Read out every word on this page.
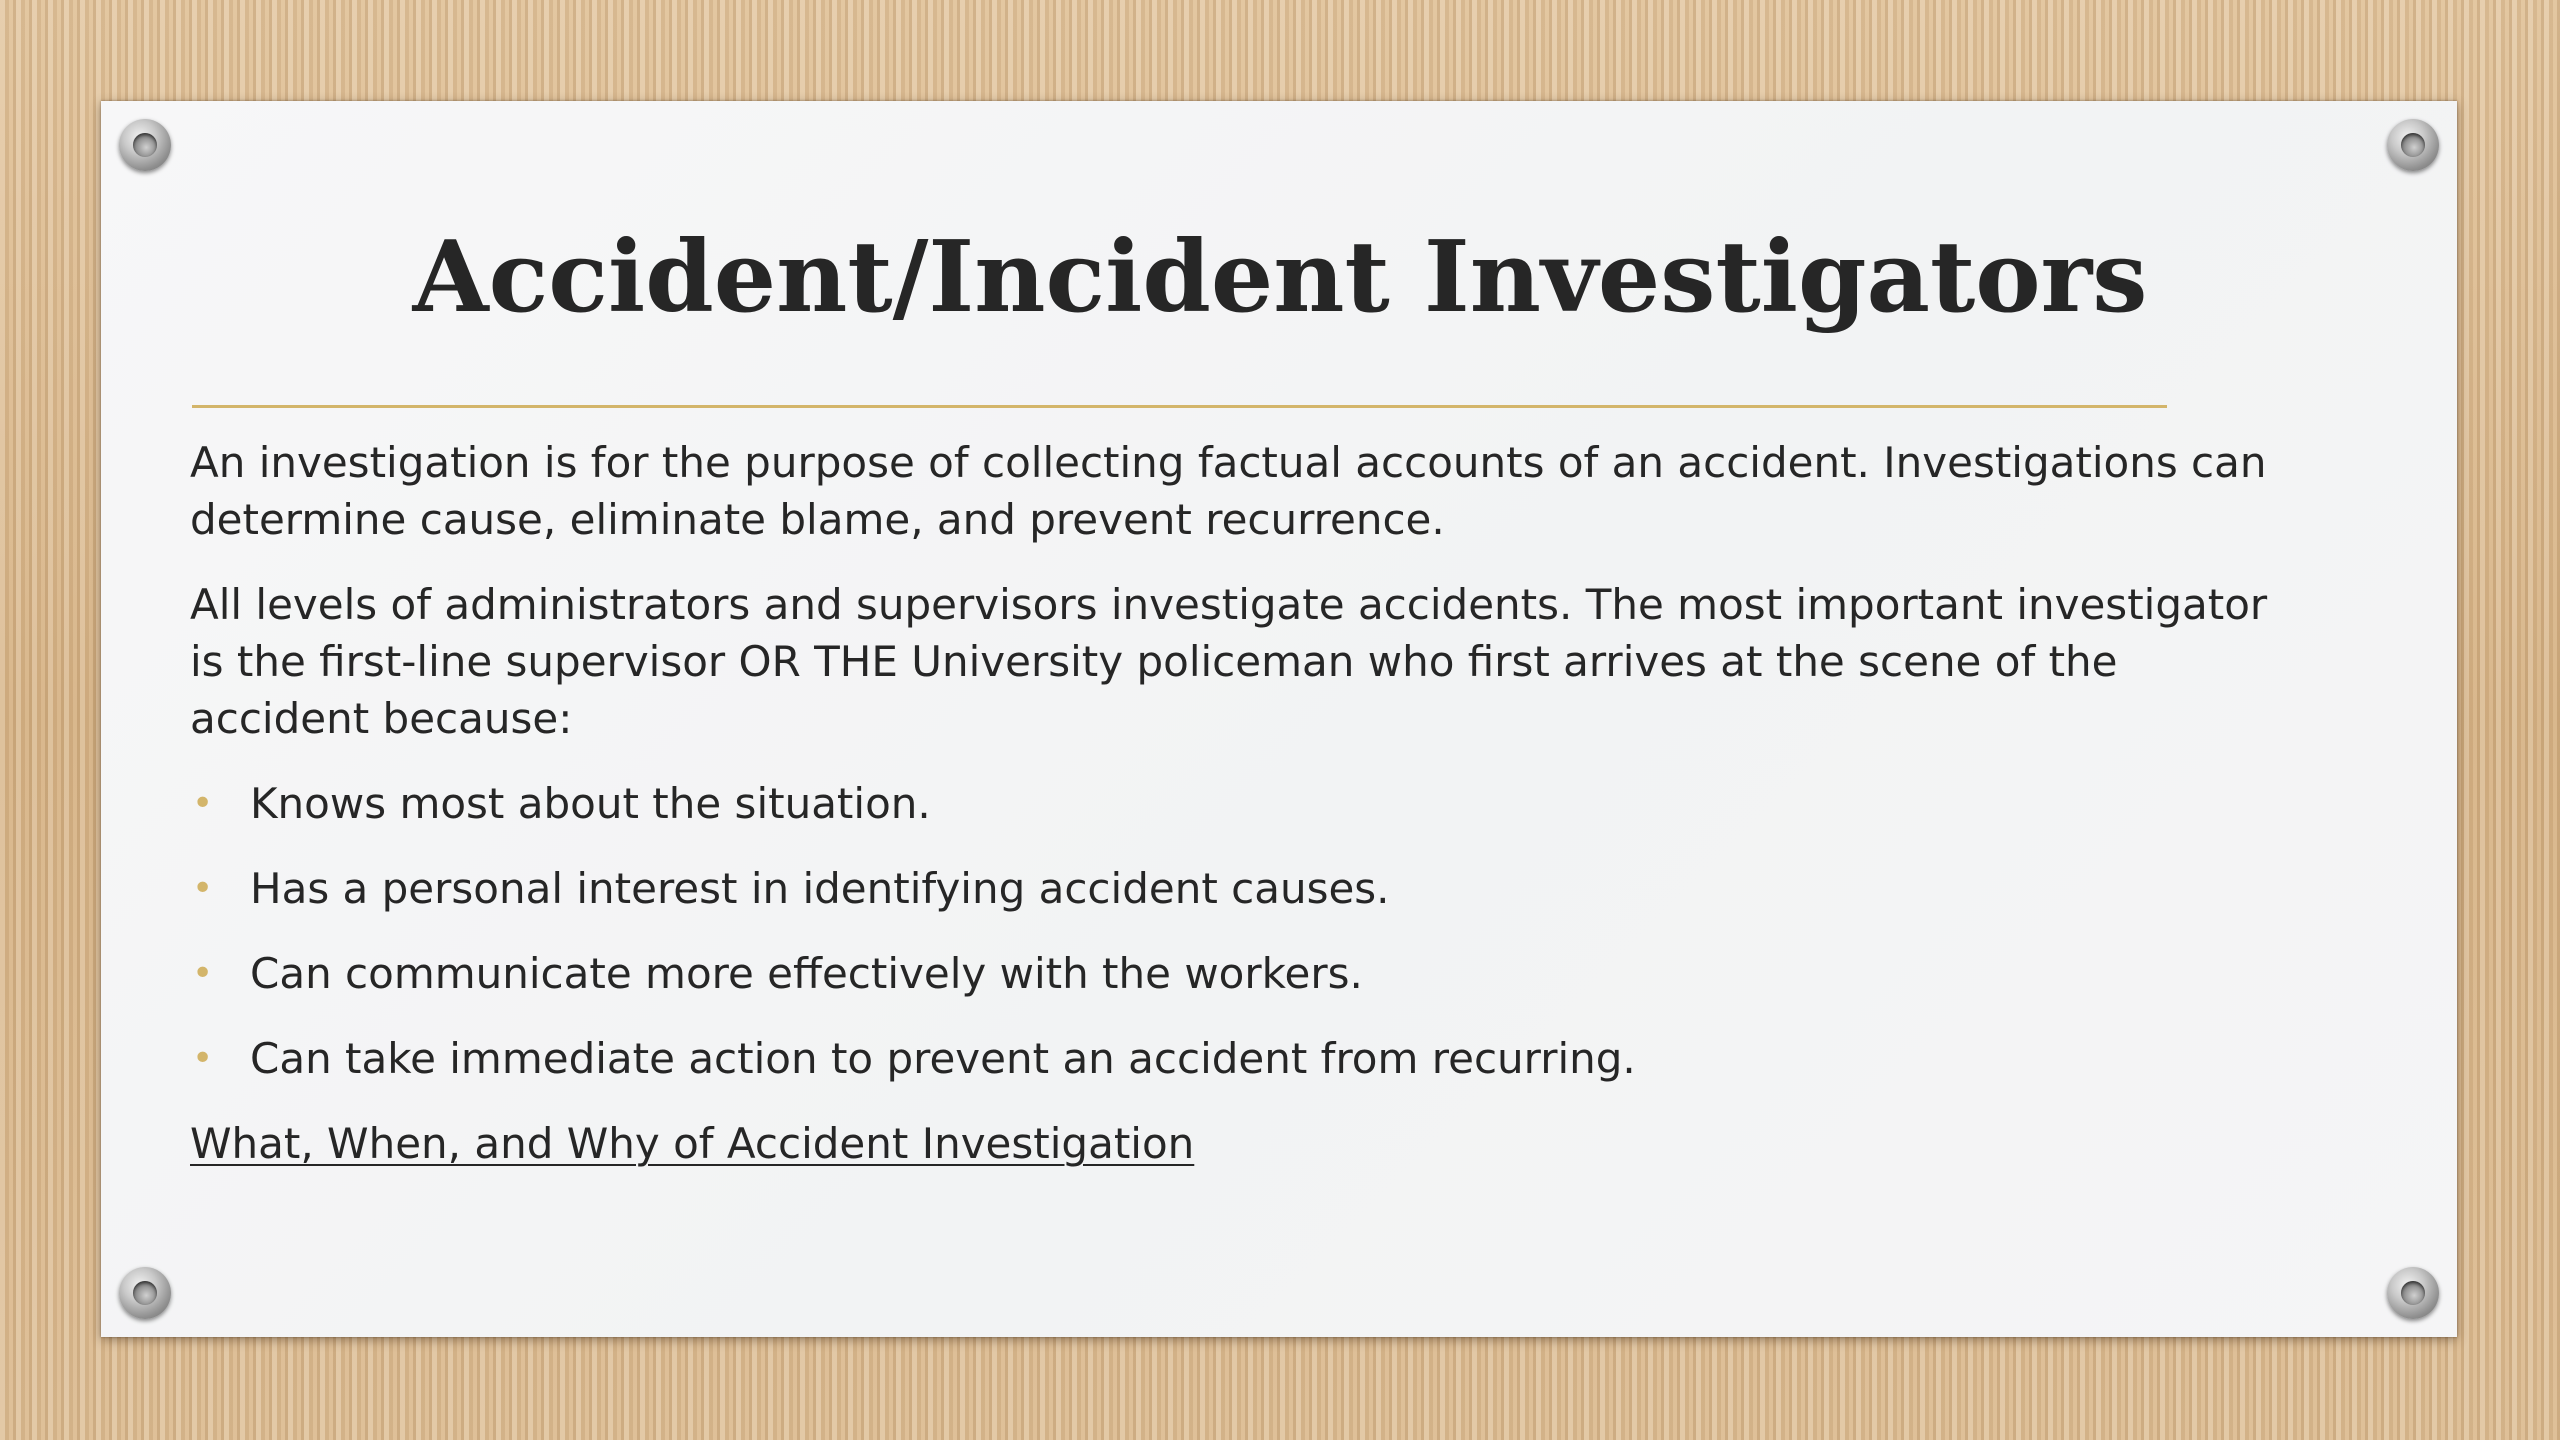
Accident/Incident Investigators

An investigation is for the purpose of collecting factual accounts of an accident. Investigations can determine cause, eliminate blame, and prevent recurrence.

All levels of administrators and supervisors investigate accidents. The most important investigator is the first-line supervisor OR THE University policeman who first arrives at the scene of the accident because:

• Knows most about the situation.
• Has a personal interest in identifying accident causes.
• Can communicate more effectively with the workers.
• Can take immediate action to prevent an accident from recurring.
What, When, and Why of Accident Investigation
